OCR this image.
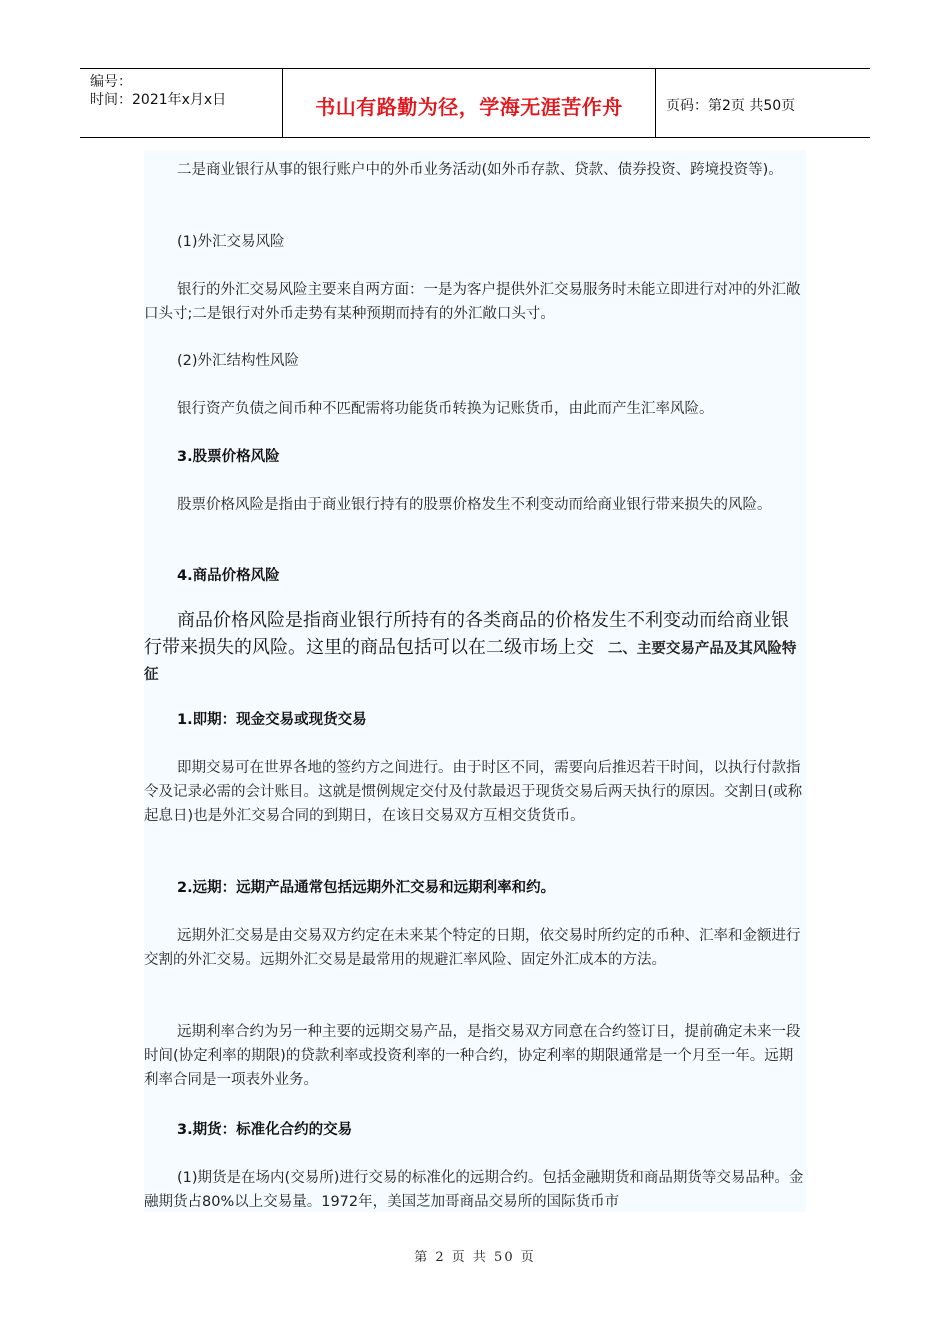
编号：
时间：2021年x月x日	书山有路勤为径，学海无涯苦作舟	页码：第2页 共50页

二是商业银行从事的银行账户中的外币业务活动(如外币存款、贷款、债券投资、跨境投资等)。

(1)外汇交易风险

银行的外汇交易风险主要来自两方面：一是为客户提供外汇交易服务时未能立即进行对冲的外汇敞口头寸;二是银行对外币走势有某种预期而持有的外汇敞口头寸。

(2)外汇结构性风险

银行资产负债之间币种不匹配需将功能货币转换为记账货币，由此而产生汇率风险。

3.股票价格风险

股票价格风险是指由于商业银行持有的股票价格发生不利变动而给商业银行带来损失的风险。

4.商品价格风险

商品价格风险是指商业银行所持有的各类商品的价格发生不利变动而给商业银行带来损失的风险。这里的商品包括可以在二级市场上交 二、主要交易产品及其风险特征

1.即期：现金交易或现货交易

即期交易可在世界各地的签约方之间进行。由于时区不同，需要向后推迟若干时间，以执行付款指令及记录必需的会计账目。这就是惯例规定交付及付款最迟于现货交易后两天执行的原因。交割日(或称起息日)也是外汇交易合同的到期日，在该日交易双方互相交货货币。

2.远期：远期产品通常包括远期外汇交易和远期利率和约。

远期外汇交易是由交易双方约定在未来某个特定的日期，依交易时所约定的币种、汇率和金额进行交割的外汇交易。远期外汇交易是最常用的规避汇率风险、固定外汇成本的方法。

远期利率合约为另一种主要的远期交易产品，是指交易双方同意在合约签订日，提前确定未来一段时间(协定利率的期限)的贷款利率或投资利率的一种合约，协定利率的期限通常是一个月至一年。远期利率合同是一项表外业务。

3.期货：标准化合约的交易

(1)期货是在场内(交易所)进行交易的标准化的远期合约。包括金融期货和商品期货等交易品种。金融期货占80%以上交易量。1972年，美国芝加哥商品交易所的国际货币市

第 2 页 共 50 页
